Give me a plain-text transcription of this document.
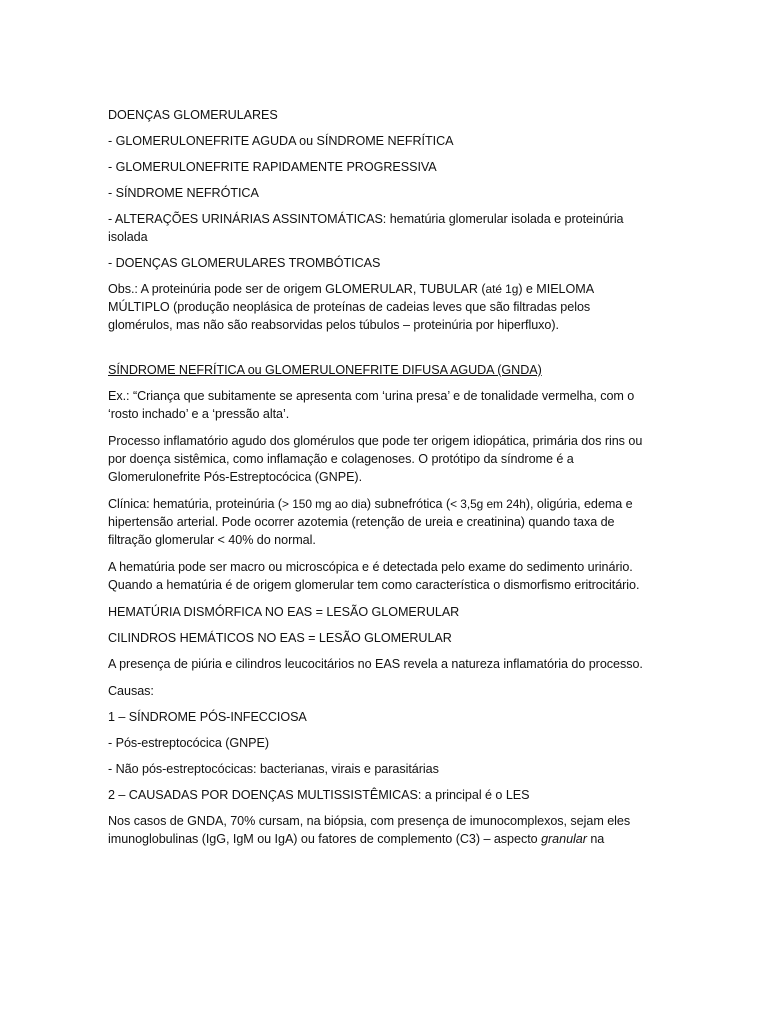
DOENÇAS GLOMERULARES

- GLOMERULONEFRITE AGUDA ou SÍNDROME NEFRÍTICA

- GLOMERULONEFRITE RAPIDAMENTE PROGRESSIVA

- SÍNDROME NEFRÓTICA

- ALTERAÇÕES URINÁRIAS ASSINTOMÁTICAS: hematúria glomerular isolada e proteinúria isolada

- DOENÇAS GLOMERULARES TROMBÓTICAS

Obs.: A proteinúria pode ser de origem GLOMERULAR, TUBULAR (até 1g) e MIELOMA MÚLTIPLO (produção neoplásica de proteínas de cadeias leves que são filtradas pelos glomérulos, mas não são reabsorvidas pelos túbulos – proteinúria por hiperfluxo).

SÍNDROME NEFRÍTICA ou GLOMERULONEFRITE DIFUSA AGUDA (GNDA)

Ex.: “Criança que subitamente se apresenta com ‘urina presa’ e de tonalidade vermelha, com o ‘rosto inchado’ e a ‘pressão alta’.

Processo inflamatório agudo dos glomérulos que pode ter origem idiopática, primária dos rins ou por doença sistêmica, como inflamação e colagenoses. O protótipo da síndrome é a Glomerulonefrite Pós-Estreptocócica (GNPE).

Clínica: hematúria, proteinúria (> 150 mg ao dia) subnefrótica (< 3,5g em 24h), oligúria, edema e hipertensão arterial. Pode ocorrer azotemia (retenção de ureia e creatinina) quando taxa de filtração glomerular < 40% do normal.

A hematúria pode ser macro ou microscópica e é detectada pelo exame do sedimento urinário. Quando a hematúria é de origem glomerular tem como característica o dismorfismo eritrocitário.

HEMATÚRIA DISMÓRFICA NO EAS = LESÃO GLOMERULAR

CILINDROS HEMÁTICOS NO EAS = LESÃO GLOMERULAR

A presença de piúria e cilindros leucocitários no EAS revela a natureza inflamatória do processo.

Causas:

1 – SÍNDROME PÓS-INFECCIOSA

- Pós-estreptocócica (GNPE)

- Não pós-estreptocócicas: bacterianas, virais e parasitárias

2 – CAUSADAS POR DOENÇAS MULTISSISTÊMICAS: a principal é o LES

Nos casos de GNDA, 70% cursam, na biópsia, com presença de imunocomplexos, sejam eles imunoglobulinas (IgG, IgM ou IgA) ou fatores de complemento (C3) – aspecto granular na
